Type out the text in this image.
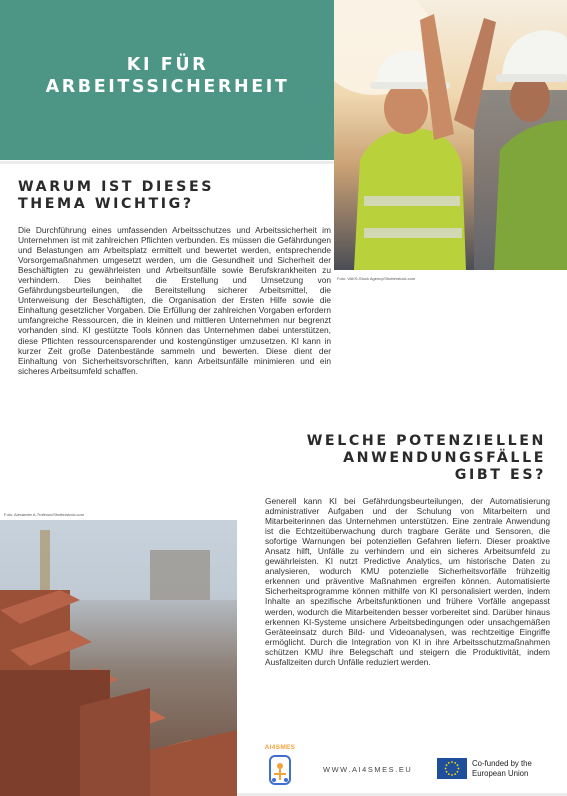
KI FÜR
ARBEITSSICHERHEIT
Foto: VAKS-Stock Agency/Shutterstock.com
WARUM IST DIESES
THEMA WICHTIG?
Die Durchführung eines umfassenden Arbeitsschutzes und Arbeitssicherheit im Unternehmen ist mit zahlreichen Pflichten verbunden. Es müssen die Gefährdungen und Belastungen am Arbeitsplatz ermittelt und bewertet werden, entsprechende Vorsorgemaßnahmen umgesetzt werden, um die Gesundheit und Sicherheit der Beschäftigten zu gewährleisten und Arbeitsunfälle sowie Berufskrankheiten zu verhindern. Dies beinhaltet die Erstellung und Umsetzung von Gefährdungsbeurteilungen, die Bereitstellung sicherer Arbeitsmittel, die Unterweisung der Beschäftigten, die Organisation der Ersten Hilfe sowie die Einhaltung gesetzlicher Vorgaben. Die Erfüllung der zahlreichen Vorgaben erfordern umfangreiche Ressourcen, die in kleinen und mittleren Unternehmen nur begrenzt vorhanden sind. KI gestützte Tools können das Unternehmen dabei unterstützen, diese Pflichten ressourcensparender und kostengünstiger umzusetzen. KI kann in kurzer Zeit große Datenbestände sammeln und bewerten. Diese dient der Einhaltung von Sicherheitsvorschriften, kann Arbeitsunfälle minimieren und ein sicheres Arbeitsumfeld schaffen.
WELCHE POTENZIELLEN
ANWENDUNGSFÄLLE
GIBT ES?
Generell kann KI bei Gefährdungsbeurteilungen, der Automatisierung administrativer Aufgaben und der Schulung von Mitarbeitern und Mitarbeiterinnen das Unternehmen unterstützen. Eine zentrale Anwendung ist die Echtzeitüberwachung durch tragbare Geräte und Sensoren, die sofortige Warnungen bei potenziellen Gefahren liefern. Dieser proaktive Ansatz hilft, Unfälle zu verhindern und ein sicheres Arbeitsumfeld zu gewährleisten. KI nutzt Predictive Analytics, um historische Daten zu analysieren, wodurch KMU potenzielle Sicherheitsvorfälle frühzeitig erkennen und präventive Maßnahmen ergreifen können. Automatisierte Sicherheitsprogramme können mithilfe von KI personalisiert werden, indem Inhalte an spezifische Arbeitsfunktionen und frühere Vorfälle angepasst werden, wodurch die Mitarbeitenden besser vorbereitet sind. Darüber hinaus erkennen KI-Systeme unsichere Arbeitsbedingungen oder unsachgemäßen Geräteeinsatz durch Bild- und Videoanalysen, was rechtzeitige Eingriffe ermöglicht. Durch die Integration von KI in ihre Arbeitsschutzmaßnahmen schützen KMU ihre Belegschaft und steigern die Produktivität, indem Ausfallzeiten durch Unfälle reduziert werden.
Foto: Alexander A.Trofimov/Shutterstock.com
AI4SMES
WWW.AI4SMES.EU
Co-funded by the
European Union
